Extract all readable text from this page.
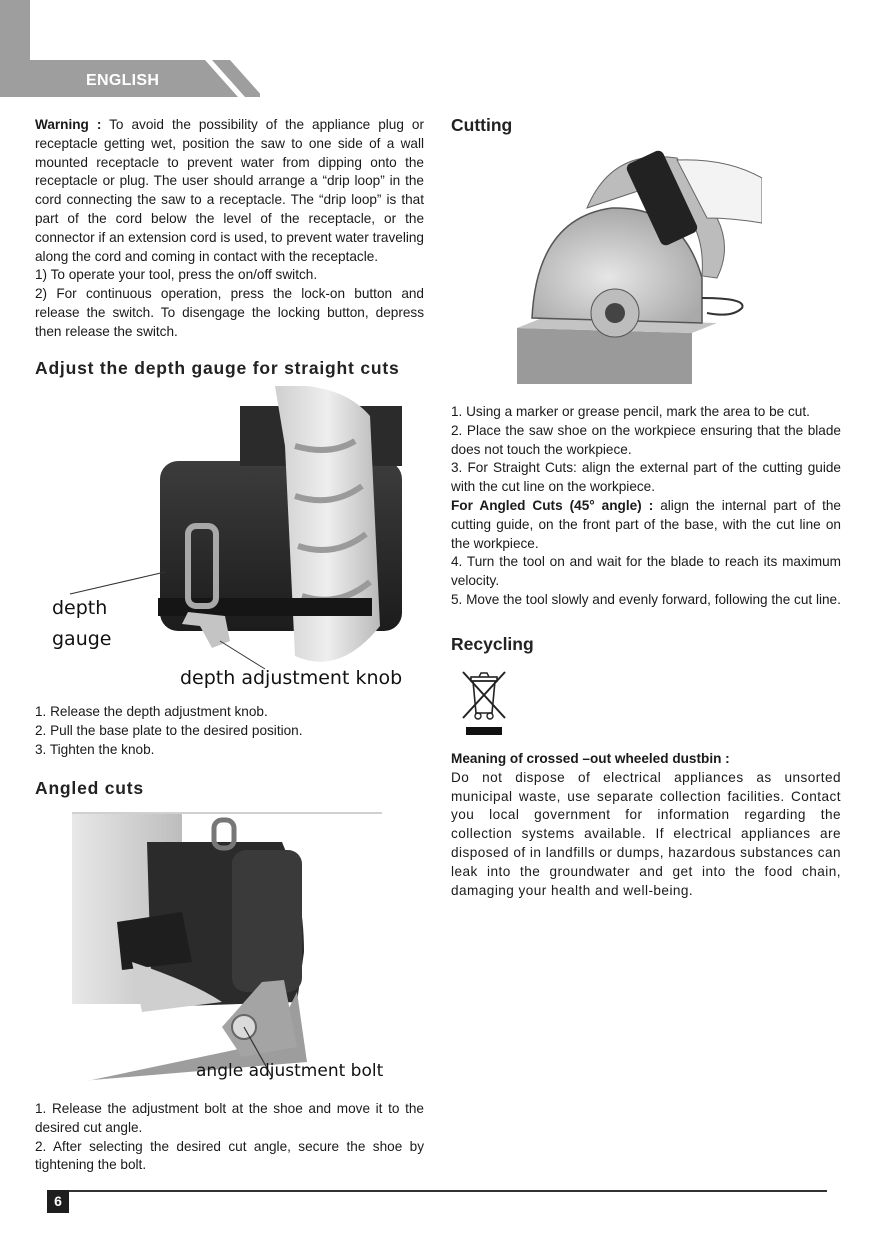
ENGLISH

Warning : To avoid the possibility of the appliance plug or receptacle getting wet, position the saw to one side of a wall mounted receptacle to prevent water from dipping onto the receptacle or plug. The user should arrange a “drip loop” in the cord connecting the saw to a receptacle. The “drip loop” is that part of the cord below the level of the receptacle, or the connector if an extension cord is used, to prevent water traveling along the cord and coming in contact with the receptacle.

1) To operate your tool, press the on/off switch.

2) For continuous operation, press the lock-on button and release the switch. To disengage the locking button, depress then release the switch.

Adjust the depth gauge for straight cuts
depth
gauge
depth adjustment knob

1. Release the depth adjustment knob.

2. Pull the base plate to the desired position.

3. Tighten the knob.

Angled cuts
angle adjustment bolt

1. Release the adjustment bolt at the shoe and move it to the desired cut angle.

2. After selecting the desired cut angle, secure the shoe by tightening the bolt.

Cutting

1. Using a marker or grease pencil, mark the area to be cut.

2. Place the saw shoe on the workpiece ensuring that the blade does not touch the workpiece.

3. For Straight Cuts: align the external part of the cutting guide with the cut line on the workpiece.

For Angled Cuts (45° angle) : align the internal part of the cutting guide, on the front part of the base, with the cut line on the workpiece.

4. Turn the tool on and wait for the blade to reach its maximum velocity.

5. Move the tool slowly and evenly forward, following the cut line.

Recycling

Meaning of crossed –out wheeled dustbin :

Do not dispose of electrical appliances as unsorted municipal waste, use separate collection facilities. Contact you local government for information regarding the collection systems available. If electrical appliances are disposed of in landfills or dumps, hazardous substances can leak into the groundwater and get into the food chain, damaging your health and well-being.

6
